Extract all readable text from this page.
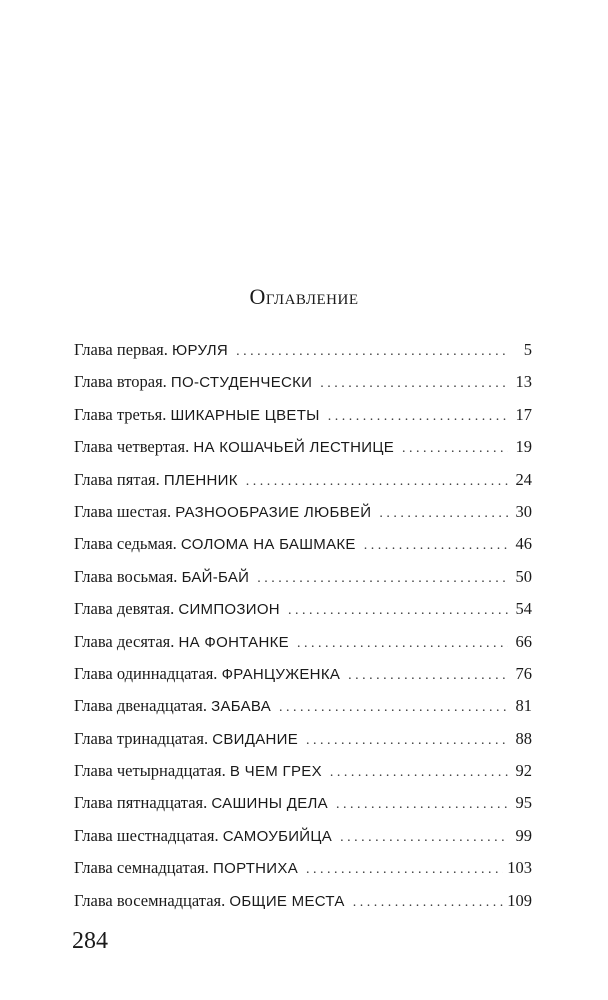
Оглавление
Глава первая. ЮРУЛЯ . . .	5
Глава вторая. ПО-СТУДЕНЧЕСКИ . . .	13
Глава третья. ШИКАРНЫЕ ЦВЕТЫ . . .	17
Глава четвертая. НА КОШАЧЬЕЙ ЛЕСТНИЦЕ . . .	19
Глава пятая. ПЛЕННИК . . .	24
Глава шестая. РАЗНООБРАЗИЕ ЛЮБВЕЙ . . .	30
Глава седьмая. СОЛОМА НА БАШМАКЕ . . .	46
Глава восьмая. БАЙ-БАЙ . . .	50
Глава девятая. СИМПОЗИОН . . .	54
Глава десятая. НА ФОНТАНКЕ . . .	66
Глава одиннадцатая. ФРАНЦУЖЕНКА . . .	76
Глава двенадцатая. ЗАБАВА . . .	81
Глава тринадцатая. СВИДАНИЕ . . .	88
Глава четырнадцатая. В ЧЕМ ГРЕХ . . .	92
Глава пятнадцатая. САШИНЫ ДЕЛА . . .	95
Глава шестнадцатая. САМОУБИЙЦА . . .	99
Глава семнадцатая. ПОРТНИХА . . .	103
Глава восемнадцатая. ОБЩИЕ МЕСТА . . .	109
284
